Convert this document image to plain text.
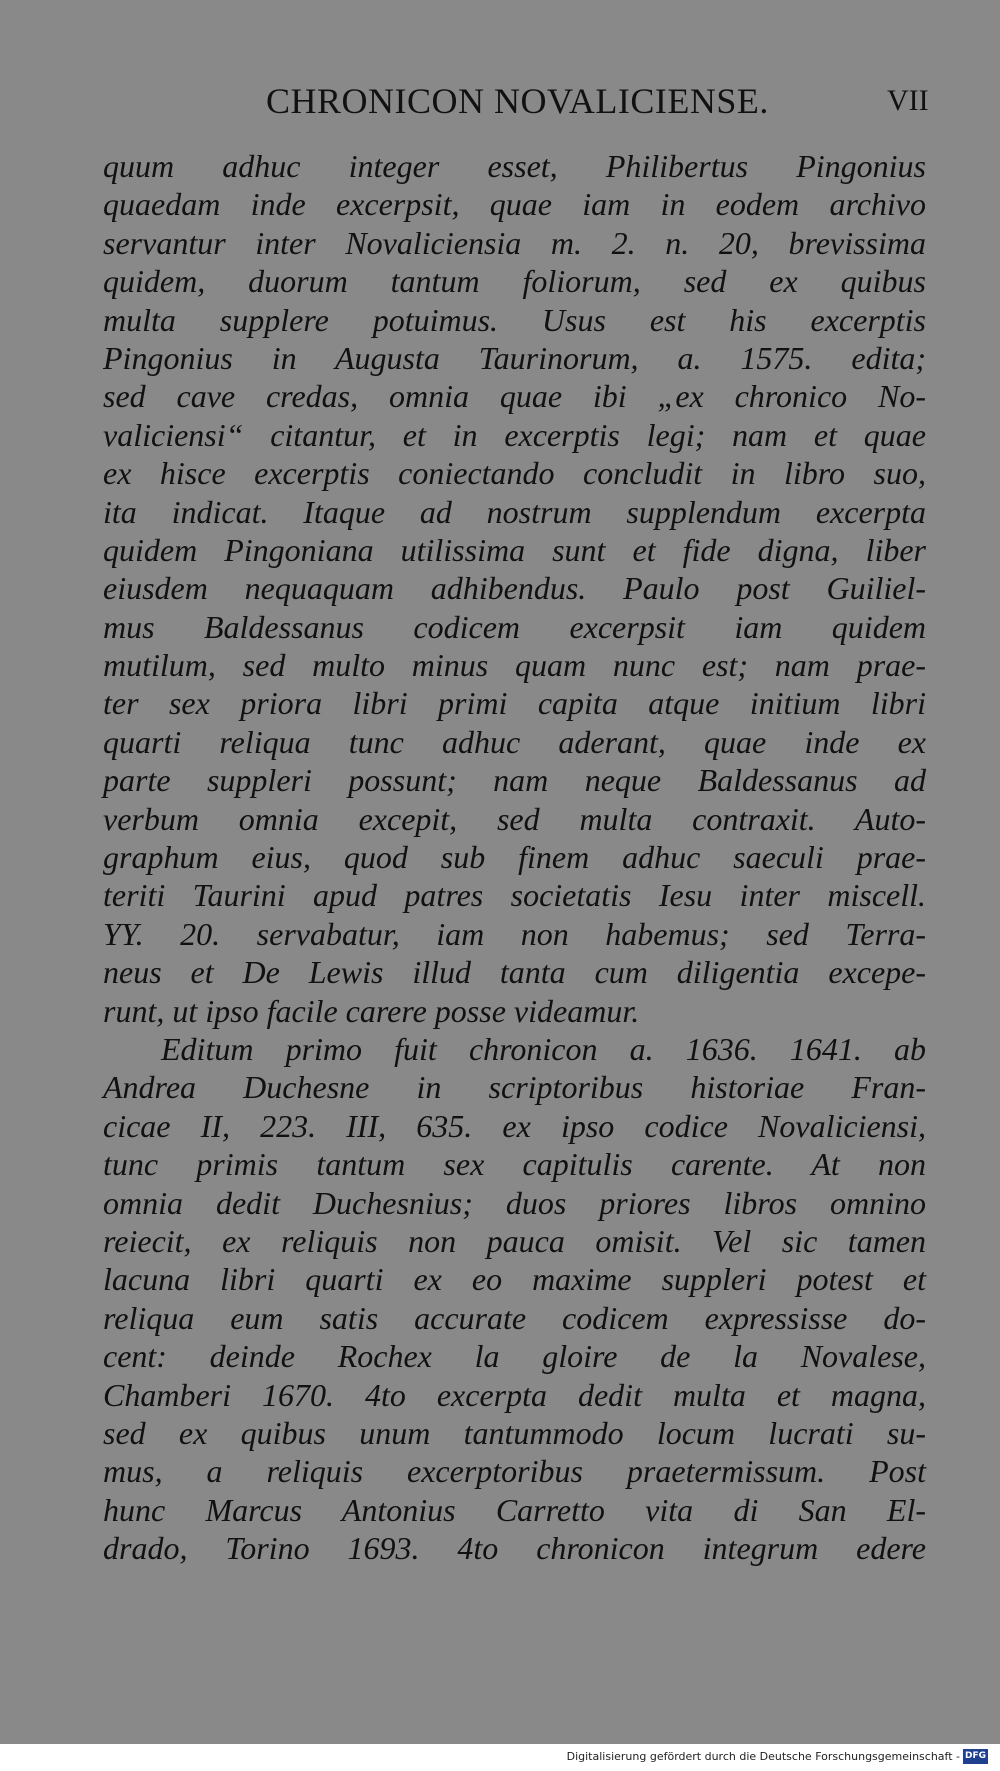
CHRONICON NOVALICIENSE.	VII
quum adhuc integer esset, Philibertus Pingonius
quaedam inde excerpsit, quae iam in eodem archivo
servantur inter Novaliciensia m. 2. n. 20, brevissima
quidem, duorum tantum foliorum, sed ex quibus
multa supplere potuimus. Usus est his excerptis
Pingonius in Augusta Taurinorum, a. 1575. edita;
sed cave credas, omnia quae ibi „ex chronico No-
valiciensi“ citantur, et in excerptis legi; nam et quae
ex hisce excerptis coniectando concludit in libro suo,
ita indicat. Itaque ad nostrum supplendum excerpta
quidem Pingoniana utilissima sunt et fide digna, liber
eiusdem nequaquam adhibendus. Paulo post Guiliel-
mus Baldessanus codicem excerpsit iam quidem
mutilum, sed multo minus quam nunc est; nam prae-
ter sex priora libri primi capita atque initium libri
quarti reliqua tunc adhuc aderant, quae inde ex
parte suppleri possunt; nam neque Baldessanus ad
verbum omnia excepit, sed multa contraxit. Auto-
graphum eius, quod sub finem adhuc saeculi prae-
teriti Taurini apud patres societatis Iesu inter miscell.
YY. 20. servabatur, iam non habemus; sed Terra-
neus et De Lewis illud tanta cum diligentia excepe-
runt, ut ipso facile carere posse videamur.
Editum primo fuit chronicon a. 1636. 1641. ab
Andrea Duchesne in scriptoribus historiae Fran-
cicae II, 223. III, 635. ex ipso codice Novaliciensi,
tunc primis tantum sex capitulis carente. At non
omnia dedit Duchesnius; duos priores libros omnino
reiecit, ex reliquis non pauca omisit. Vel sic tamen
lacuna libri quarti ex eo maxime suppleri potest et
reliqua eum satis accurate codicem expressisse do-
cent: deinde Rochex la gloire de la Novalese,
Chamberi 1670. 4to excerpta dedit multa et magna,
sed ex quibus unum tantummodo locum lucrati su-
mus, a reliquis excerptoribus praetermissum. Post
hunc Marcus Antonius Carretto vita di San El-
drado, Torino 1693. 4to chronicon integrum edere
Digitalisierung gefördert durch die Deutsche Forschungsgemeinschaft - DFG
